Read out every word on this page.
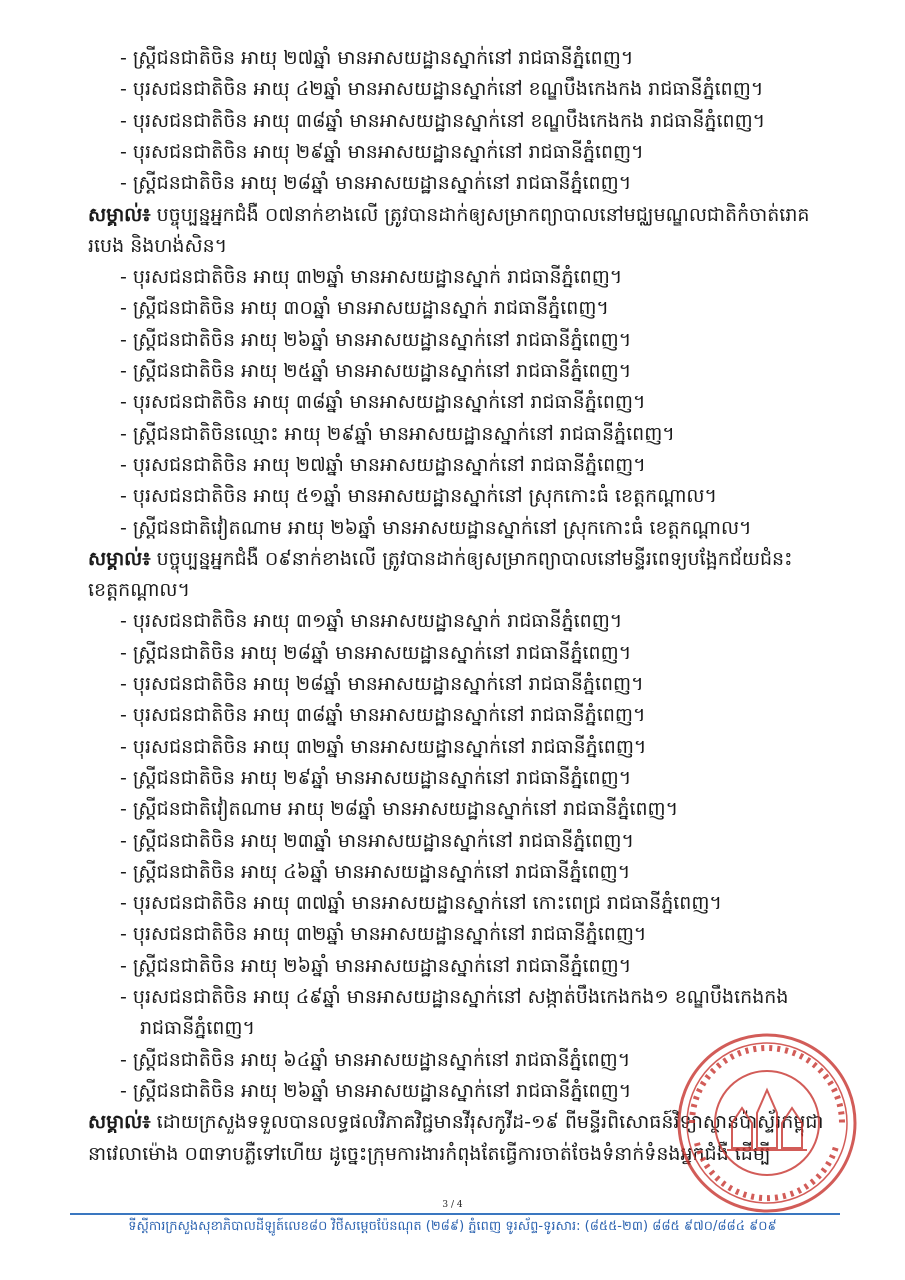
- ស្ត្រីជនជាតិចិន អាយុ ២៧ឆ្នាំ មានអាសយដ្ឋានស្នាក់នៅ រាជធានីភ្នំពេញ។
- បុរសជនជាតិចិន អាយុ ៤២ឆ្នាំ មានអាសយដ្ឋានស្នាក់នៅ ខណ្ឌបឹងកេងកង រាជធានីភ្នំពេញ។
- បុរសជនជាតិចិន អាយុ ៣៨ឆ្នាំ មានអាសយដ្ឋានស្នាក់នៅ ខណ្ឌបឹងកេងកង រាជធានីភ្នំពេញ។
- បុរសជនជាតិចិន អាយុ ២៩ឆ្នាំ មានអាសយដ្ឋានស្នាក់នៅ រាជធានីភ្នំពេញ។
- ស្ត្រីជនជាតិចិន អាយុ ២៨ឆ្នាំ មានអាសយដ្ឋានស្នាក់នៅ រាជធានីភ្នំពេញ។
សម្គាល់៖ បច្ចុប្បន្នអ្នកជំងឺ ០៧នាក់ខាងលើ ត្រូវបានដាក់ឲ្យសម្រាកព្យាបាលនៅមជ្ឈមណ្ឌលជាតិកំចាត់រោគ
របេង និងហង់សិន។
- បុរសជនជាតិចិន អាយុ ៣២ឆ្នាំ មានអាសយដ្ឋានស្នាក់ រាជធានីភ្នំពេញ។
- ស្ត្រីជនជាតិចិន អាយុ ៣០ឆ្នាំ មានអាសយដ្ឋានស្នាក់ រាជធានីភ្នំពេញ។
- ស្ត្រីជនជាតិចិន អាយុ ២៦ឆ្នាំ មានអាសយដ្ឋានស្នាក់នៅ រាជធានីភ្នំពេញ។
- ស្ត្រីជនជាតិចិន អាយុ ២៥ឆ្នាំ មានអាសយដ្ឋានស្នាក់នៅ រាជធានីភ្នំពេញ។
- បុរសជនជាតិចិន អាយុ ៣៨ឆ្នាំ មានអាសយដ្ឋានស្នាក់នៅ រាជធានីភ្នំពេញ។
- ស្ត្រីជនជាតិចិនឈ្មោះ អាយុ ២៩ឆ្នាំ មានអាសយដ្ឋានស្នាក់នៅ រាជធានីភ្នំពេញ។
- បុរសជនជាតិចិន អាយុ ២៧ឆ្នាំ មានអាសយដ្ឋានស្នាក់នៅ រាជធានីភ្នំពេញ។
- បុរសជនជាតិចិន អាយុ ៥១ឆ្នាំ មានអាសយដ្ឋានស្នាក់នៅ ស្រុកកោះធំ ខេត្តកណ្ដាល។
- ស្ត្រីជនជាតិវៀតណាម អាយុ ២៦ឆ្នាំ មានអាសយដ្ឋានស្នាក់នៅ ស្រុកកោះធំ ខេត្តកណ្ដាល។
សម្គាល់៖ បច្ចុប្បន្នអ្នកជំងឺ ០៩នាក់ខាងលើ ត្រូវបានដាក់ឲ្យសម្រាកព្យាបាលនៅមន្ទីរពេទ្យបង្អែកជ័យជំនះ
ខេត្តកណ្ដាល។
- បុរសជនជាតិចិន អាយុ ៣១ឆ្នាំ មានអាសយដ្ឋានស្នាក់ រាជធានីភ្នំពេញ។
- ស្ត្រីជនជាតិចិន អាយុ ២៨ឆ្នាំ មានអាសយដ្ឋានស្នាក់នៅ រាជធានីភ្នំពេញ។
- បុរសជនជាតិចិន អាយុ ២៨ឆ្នាំ មានអាសយដ្ឋានស្នាក់នៅ រាជធានីភ្នំពេញ។
- បុរសជនជាតិចិន អាយុ ៣៨ឆ្នាំ មានអាសយដ្ឋានស្នាក់នៅ រាជធានីភ្នំពេញ។
- បុរសជនជាតិចិន អាយុ ៣២ឆ្នាំ មានអាសយដ្ឋានស្នាក់នៅ រាជធានីភ្នំពេញ។
- ស្ត្រីជនជាតិចិន អាយុ ២៩ឆ្នាំ មានអាសយដ្ឋានស្នាក់នៅ រាជធានីភ្នំពេញ។
- ស្ត្រីជនជាតិវៀតណាម អាយុ ២៨ឆ្នាំ មានអាសយដ្ឋានស្នាក់នៅ រាជធានីភ្នំពេញ។
- ស្ត្រីជនជាតិចិន អាយុ ២៣ឆ្នាំ មានអាសយដ្ឋានស្នាក់នៅ រាជធានីភ្នំពេញ។
- ស្ត្រីជនជាតិចិន អាយុ ៤៦ឆ្នាំ មានអាសយដ្ឋានស្នាក់នៅ រាជធានីភ្នំពេញ។
- បុរសជនជាតិចិន អាយុ ៣៧ឆ្នាំ មានអាសយដ្ឋានស្នាក់នៅ កោះពេជ្រ រាជធានីភ្នំពេញ។
- បុរសជនជាតិចិន អាយុ ៣២ឆ្នាំ មានអាសយដ្ឋានស្នាក់នៅ រាជធានីភ្នំពេញ។
- ស្ត្រីជនជាតិចិន អាយុ ២៦ឆ្នាំ មានអាសយដ្ឋានស្នាក់នៅ រាជធានីភ្នំពេញ។
- បុរសជនជាតិចិន អាយុ ៤៩ឆ្នាំ មានអាសយដ្ឋានស្នាក់នៅ សង្កាត់បឹងកេងកង១ ខណ្ឌបឹងកេងកង
រាជធានីភ្នំពេញ។
- ស្ត្រីជនជាតិចិន អាយុ ៦៤ឆ្នាំ មានអាសយដ្ឋានស្នាក់នៅ រាជធានីភ្នំពេញ។
- ស្ត្រីជនជាតិចិន អាយុ ២៦ឆ្នាំ មានអាសយដ្ឋានស្នាក់នៅ រាជធានីភ្នំពេញ។
សម្គាល់៖ ដោយក្រសួងទទួលបានលទ្ធផលវិភាគវិជ្ជមានវីរុសកូវីដ-១៩ ពីមន្ទីរពិសោធន៍វិទ្យាស្ថានប៉ាស្ទ័រកម្ពុជា
នាវេលាម៉ោង ០៣ទាបភ្លឺទៅហើយ ដូច្នេះក្រុមការងារកំពុងតែធ្វើការចាត់ចែងទំនាក់ទំនងអ្នកជំងឺ ដើម្បី
3 / 4
ទីស្ដីការក្រសួងសុខាភិបាលដីឡូត៍លេខ៨០ វិថីសម្ដេចប៉ែនណុត (២៨៩) ភ្នំពេញ ទូរស័ព្ទ-ទូរសារ: (៨៥៥-២៣) ៨៨៥ ៩៧០/៨៨៤ ៩០៩
